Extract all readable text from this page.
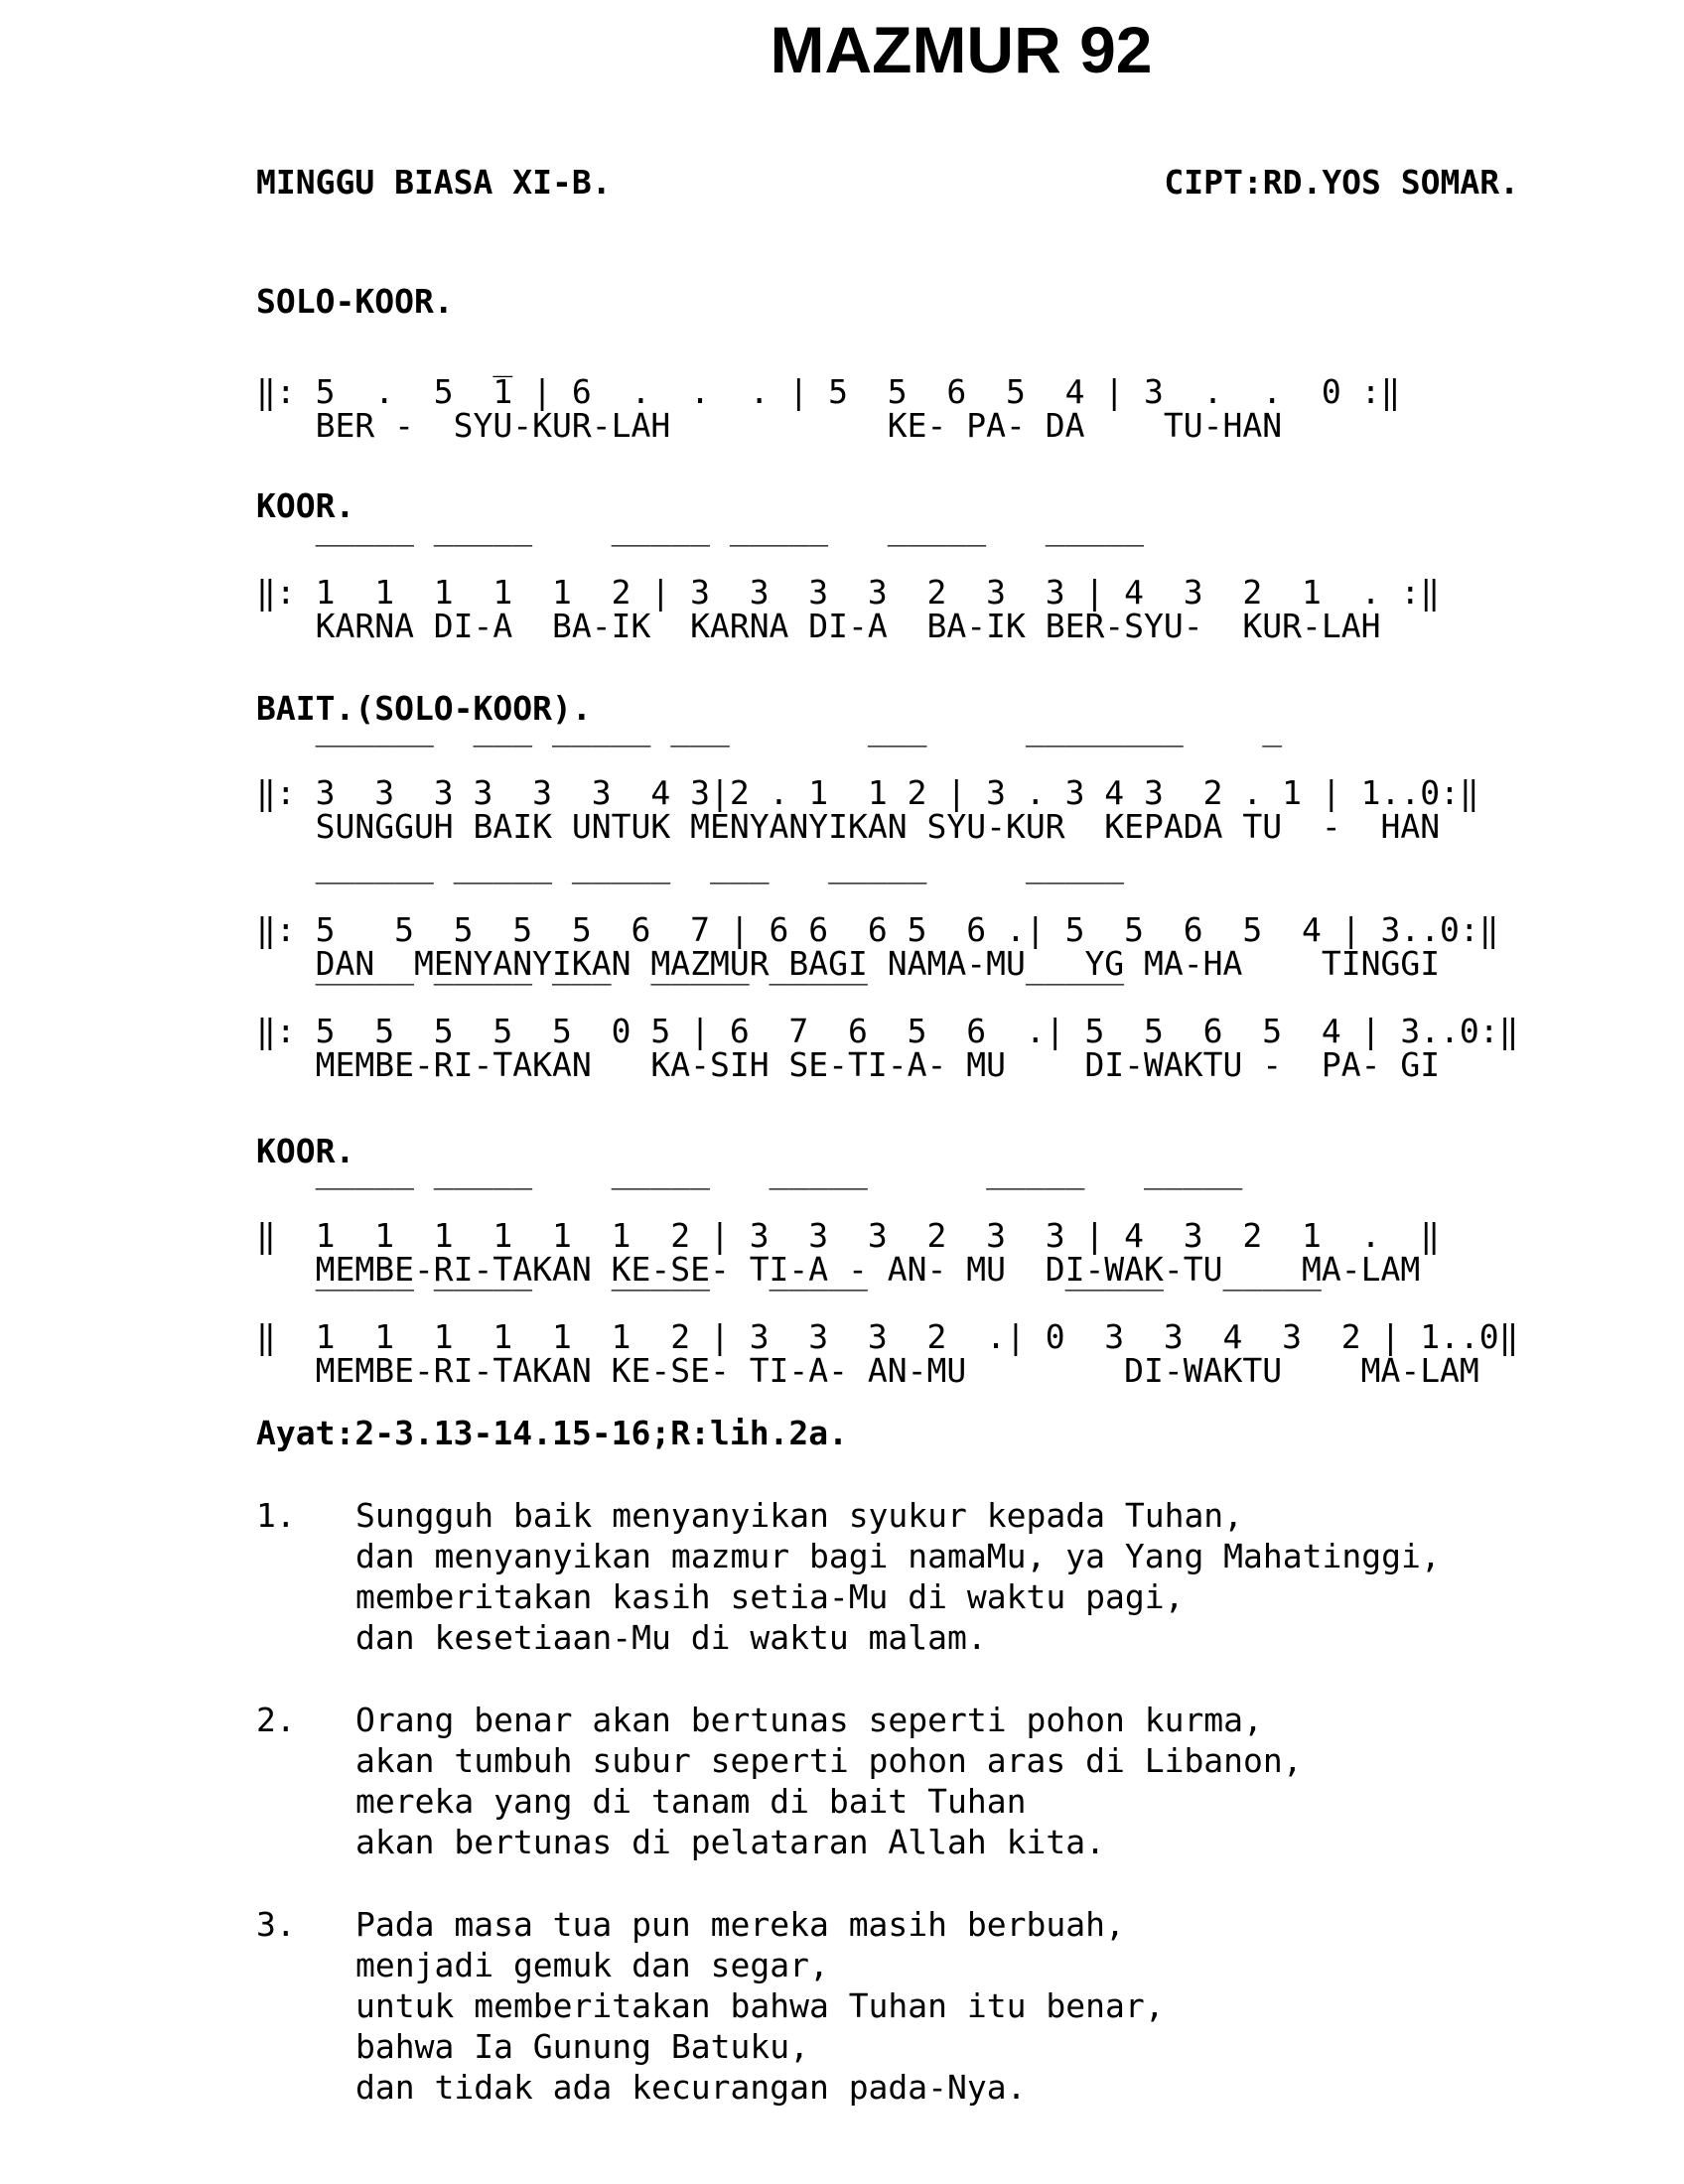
MAZMUR 92
MINGGU BIASA XI-B.	CIPT:RD.YOS SOMAR.
SOLO-KOOR.
_
‖: 5  .  5  1 | 6  .  .  . | 5  5  6  5  4 | 3  .  .  0 :‖
BER -  SYU-KUR-LAH           KE- PA- DA    TU-HAN
KOOR.
‾‾‾‾‾ ‾‾‾‾‾    ‾‾‾‾‾ ‾‾‾‾‾   ‾‾‾‾‾   ‾‾‾‾‾
‖: 1  1  1  1  1  2 | 3  3  3  3  2  3  3 | 4  3  2  1  . :‖
KARNA DI-A  BA-IK  KARNA DI-A  BA-IK BER-SYU-  KUR-LAH
BAIT.(SOLO-KOOR).
‾‾‾‾‾‾  ‾‾‾ ‾‾‾‾‾ ‾‾‾       ‾‾‾     ‾‾‾‾‾‾‾‾    ‾
‖: 3  3  3 3  3  3  4 3|2 . 1  1 2 | 3 . 3 4 3  2 . 1 | 1..0:‖
SUNGGUH BAIK UNTUK MENYANYIKAN SYU-KUR  KEPADA TU  -  HAN
‾‾‾‾‾‾ ‾‾‾‾‾ ‾‾‾‾‾  ‾‾‾   ‾‾‾‾‾     ‾‾‾‾‾
‖: 5   5  5  5  5  6  7 | 6 6  6 5  6 .| 5  5  6  5  4 | 3..0:‖
DAN  MENYANYIKAN MAZMUR BAGI NAMA-MU   YG MA-HA    TINGGI
‾‾‾‾‾ ‾‾‾‾‾ ‾‾‾  ‾‾‾‾‾ ‾‾‾‾‾        ‾‾‾‾‾
‖: 5  5  5  5  5  0 5 | 6  7  6  5  6  .| 5  5  6  5  4 | 3..0:‖
MEMBE-RI-TAKAN   KA-SIH SE-TI-A- MU    DI-WAKTU -  PA- GI
KOOR.
‾‾‾‾‾ ‾‾‾‾‾    ‾‾‾‾‾   ‾‾‾‾‾      ‾‾‾‾‾   ‾‾‾‾‾
‖  1  1  1  1  1  1  2 | 3  3  3  2  3  3 | 4  3  2  1  .  ‖
MEMBE-RI-TAKAN KE-SE- TI-A - AN- MU  DI-WAK-TU    MA-LAM
‾‾‾‾‾ ‾‾‾‾‾    ‾‾‾‾‾   ‾‾‾‾‾          ‾‾‾‾‾   ‾‾‾‾‾
‖  1  1  1  1  1  1  2 | 3  3  3  2  .| 0  3  3  4  3  2 | 1..0‖
MEMBE-RI-TAKAN KE-SE- TI-A- AN-MU        DI-WAKTU    MA-LAM
Ayat:2-3.13-14.15-16;R:lih.2a.
1. Sungguh baik menyanyikan syukur kepada Tuhan,
dan menyanyikan mazmur bagi namaMu, ya Yang Mahatinggi,
memberitakan kasih setia-Mu di waktu pagi,
dan kesetiaan-Mu di waktu malam.
2. Orang benar akan bertunas seperti pohon kurma,
akan tumbuh subur seperti pohon aras di Libanon,
mereka yang di tanam di bait Tuhan
akan bertunas di pelataran Allah kita.
3. Pada masa tua pun mereka masih berbuah,
menjadi gemuk dan segar,
untuk memberitakan bahwa Tuhan itu benar,
bahwa Ia Gunung Batuku,
dan tidak ada kecurangan pada-Nya.
